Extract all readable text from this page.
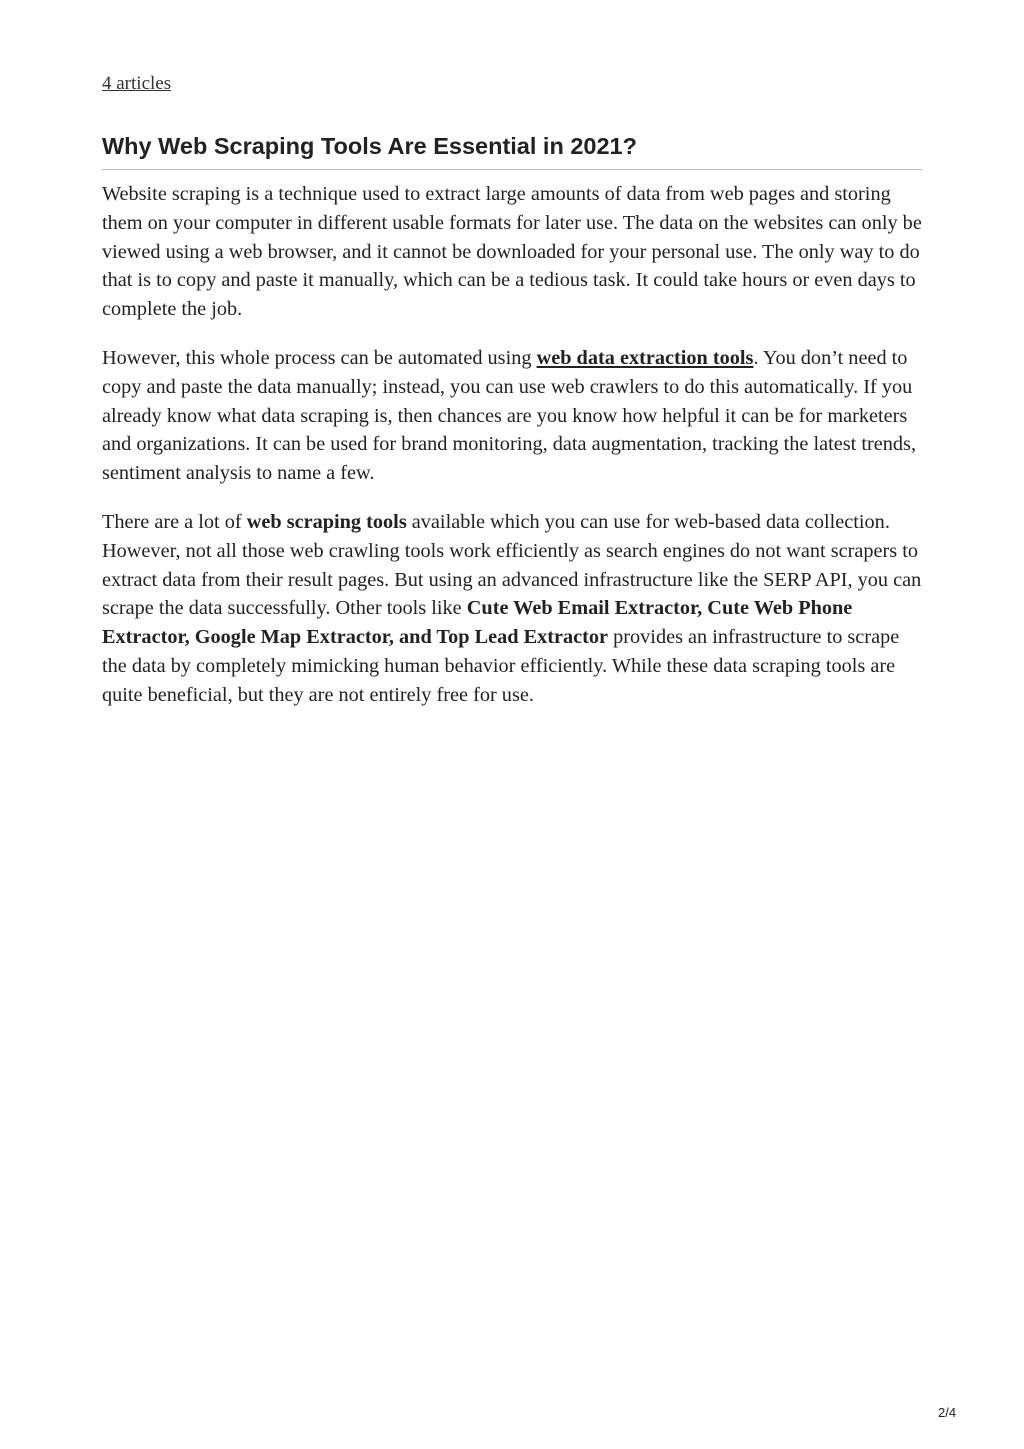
4 articles
Why Web Scraping Tools Are Essential in 2021?

Website scraping is a technique used to extract large amounts of data from web pages and storing them on your computer in different usable formats for later use. The data on the websites can only be viewed using a web browser, and it cannot be downloaded for your personal use. The only way to do that is to copy and paste it manually, which can be a tedious task. It could take hours or even days to complete the job.

However, this whole process can be automated using web data extraction tools. You don’t need to copy and paste the data manually; instead, you can use web crawlers to do this automatically. If you already know what data scraping is, then chances are you know how helpful it can be for marketers and organizations. It can be used for brand monitoring, data augmentation, tracking the latest trends, sentiment analysis to name a few.

There are a lot of web scraping tools available which you can use for web-based data collection. However, not all those web crawling tools work efficiently as search engines do not want scrapers to extract data from their result pages. But using an advanced infrastructure like the SERP API, you can scrape the data successfully. Other tools like Cute Web Email Extractor, Cute Web Phone Extractor, Google Map Extractor, and Top Lead Extractor provides an infrastructure to scrape the data by completely mimicking human behavior efficiently. While these data scraping tools are quite beneficial, but they are not entirely free for use.

2/4
